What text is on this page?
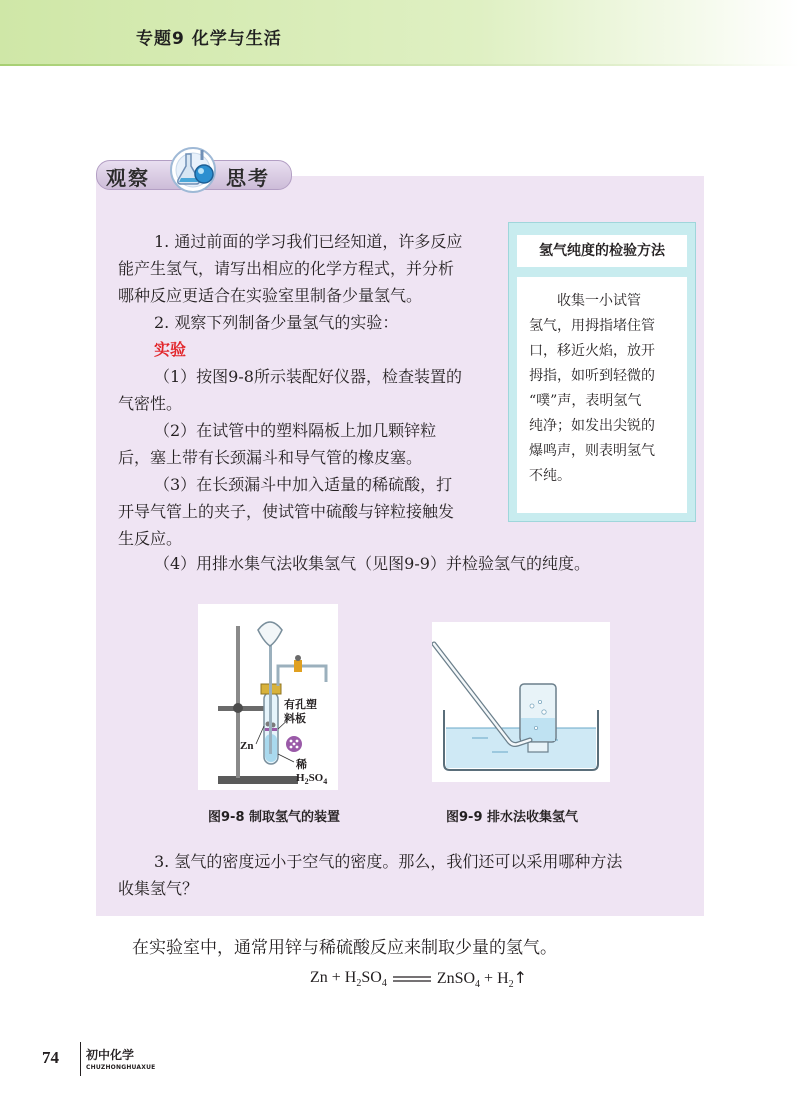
专题9 化学与生活
观察	思考

1. 通过前面的学习我们已经知道，许多反应

能产生氢气，请写出相应的化学方程式，并分析

哪种反应更适合在实验室里制备少量氢气。

2. 观察下列制备少量氢气的实验：

实验

（1）按图9-8所示装配好仪器，检查装置的

气密性。

（2）在试管中的塑料隔板上加几颗锌粒

后，塞上带有长颈漏斗和导气管的橡皮塞。

（3）在长颈漏斗中加入适量的稀硫酸，打

开导气管上的夹子，使试管中硫酸与锌粒接触发

生反应。

（4）用排水集气法收集氢气（见图9-9）并检验氢气的纯度。
氢气纯度的检验方法
收集一小试管
氢气，用拇指堵住管
口，移近火焰，放开
拇指，如听到轻微的
“噗”声，表明氢气
纯净；如发出尖锐的
爆鸣声，则表明氢气
不纯。
有孔塑
料板
Zn
稀$H_2SO_4$
图9-8 制取氢气的装置	图9-9 排水法收集氢气

3. 氢气的密度远小于空气的密度。那么，我们还可以采用哪种方法

收集氢气？

在实验室中，通常用锌与稀硫酸反应来制取少量的氢气。
$Zn + H_2SO_4$	ZnSO$_4$ + $H_2↑$
74 初中化学
CHUZHONGHUAXUE
